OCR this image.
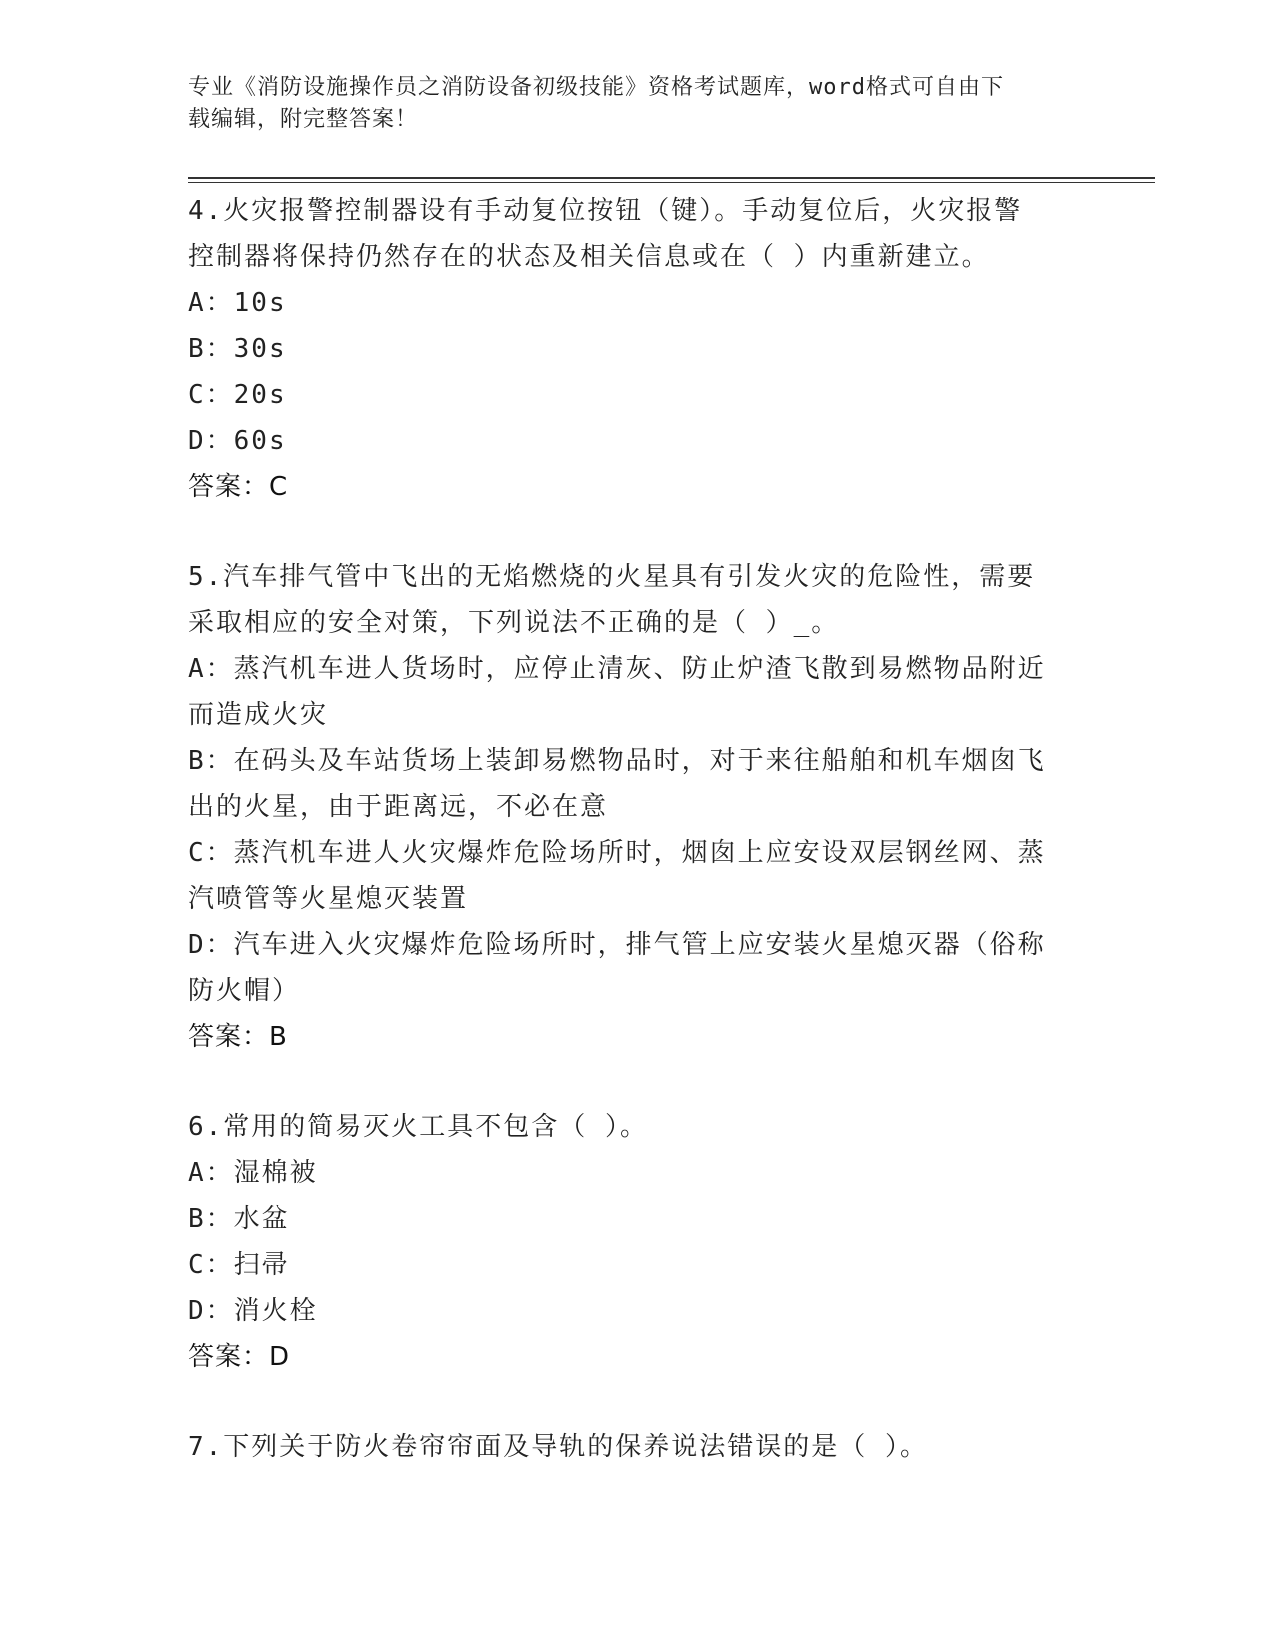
专业《消防设施操作员之消防设备初级技能》资格考试题库，word格式可自由下
载编辑，附完整答案！

4.火灾报警控制器设有手动复位按钮（键）。手动复位后，火灾报警

控制器将保持仍然存在的状态及相关信息或在（ ）内重新建立。

A：10s

B：30s

C：20s

D：60s

答案：C

5.汽车排气管中飞出的无焰燃烧的火星具有引发火灾的危险性，需要

采取相应的安全对策，下列说法不正确的是（ ）_。

A：蒸汽机车进人货场时，应停止清灰、防止炉渣飞散到易燃物品附近

而造成火灾

B：在码头及车站货场上装卸易燃物品时，对于来往船舶和机车烟囱飞

出的火星，由于距离远，不必在意

C：蒸汽机车进人火灾爆炸危险场所时，烟囱上应安设双层钢丝网、蒸

汽喷管等火星熄灭装置

D：汽车进入火灾爆炸危险场所时，排气管上应安装火星熄灭器（俗称

防火帽）

答案：B

6.常用的简易灭火工具不包含（ ）。

A：湿棉被

B：水盆

C：扫帚

D：消火栓

答案：D

7.下列关于防火卷帘帘面及导轨的保养说法错误的是（ ）。
